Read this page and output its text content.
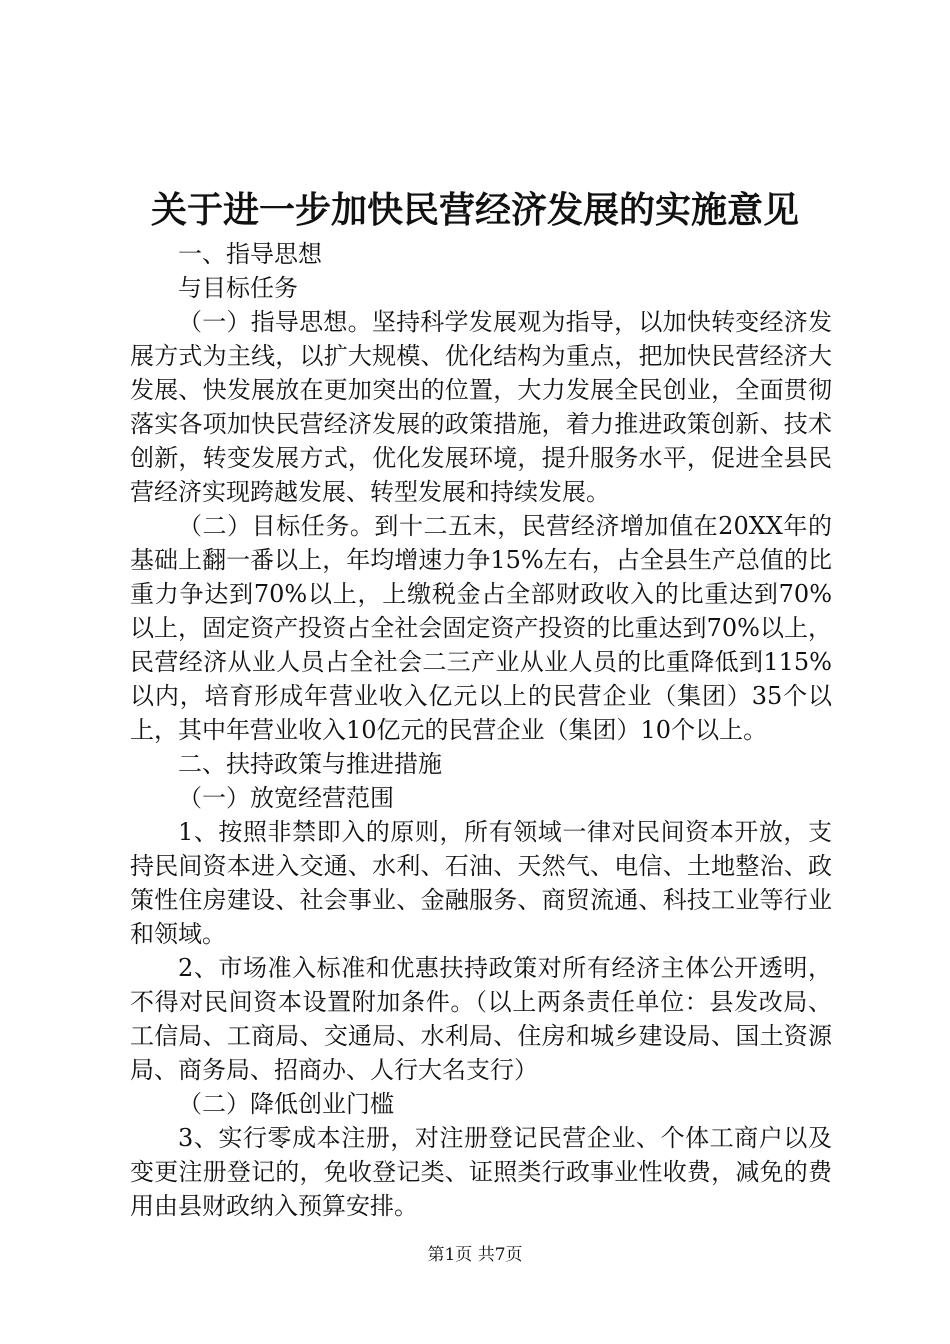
关于进一步加快民营经济发展的实施意见

一、指导思想

与目标任务

（一）指导思想。坚持科学发展观为指导，以加快转变经济发展方式为主线，以扩大规模、优化结构为重点，把加快民营经济大发展、快发展放在更加突出的位置，大力发展全民创业，全面贯彻落实各项加快民营经济发展的政策措施，着力推进政策创新、技术创新，转变发展方式，优化发展环境，提升服务水平，促进全县民营经济实现跨越发展、转型发展和持续发展。

（二）目标任务。到十二五末，民营经济增加值在20XX年的基础上翻一番以上，年均增速力争15%左右，占全县生产总值的比重力争达到70%以上，上缴税金占全部财政收入的比重达到70%以上，固定资产投资占全社会固定资产投资的比重达到70%以上，民营经济从业人员占全社会二三产业从业人员的比重降低到115%以内，培育形成年营业收入亿元以上的民营企业（集团）35个以上，其中年营业收入10亿元的民营企业（集团）10个以上。

二、扶持政策与推进措施

（一）放宽经营范围

1、按照非禁即入的原则，所有领域一律对民间资本开放，支持民间资本进入交通、水利、石油、天然气、电信、土地整治、政策性住房建设、社会事业、金融服务、商贸流通、科技工业等行业和领域。

2、市场准入标准和优惠扶持政策对所有经济主体公开透明，不得对民间资本设置附加条件。（以上两条责任单位：县发改局、工信局、工商局、交通局、水利局、住房和城乡建设局、国土资源局、商务局、招商办、人行大名支行）

（二）降低创业门槛

3、实行零成本注册，对注册登记民营企业、个体工商户以及变更注册登记的，免收登记类、证照类行政事业性收费，减免的费用由县财政纳入预算安排。

第1页 共7页
